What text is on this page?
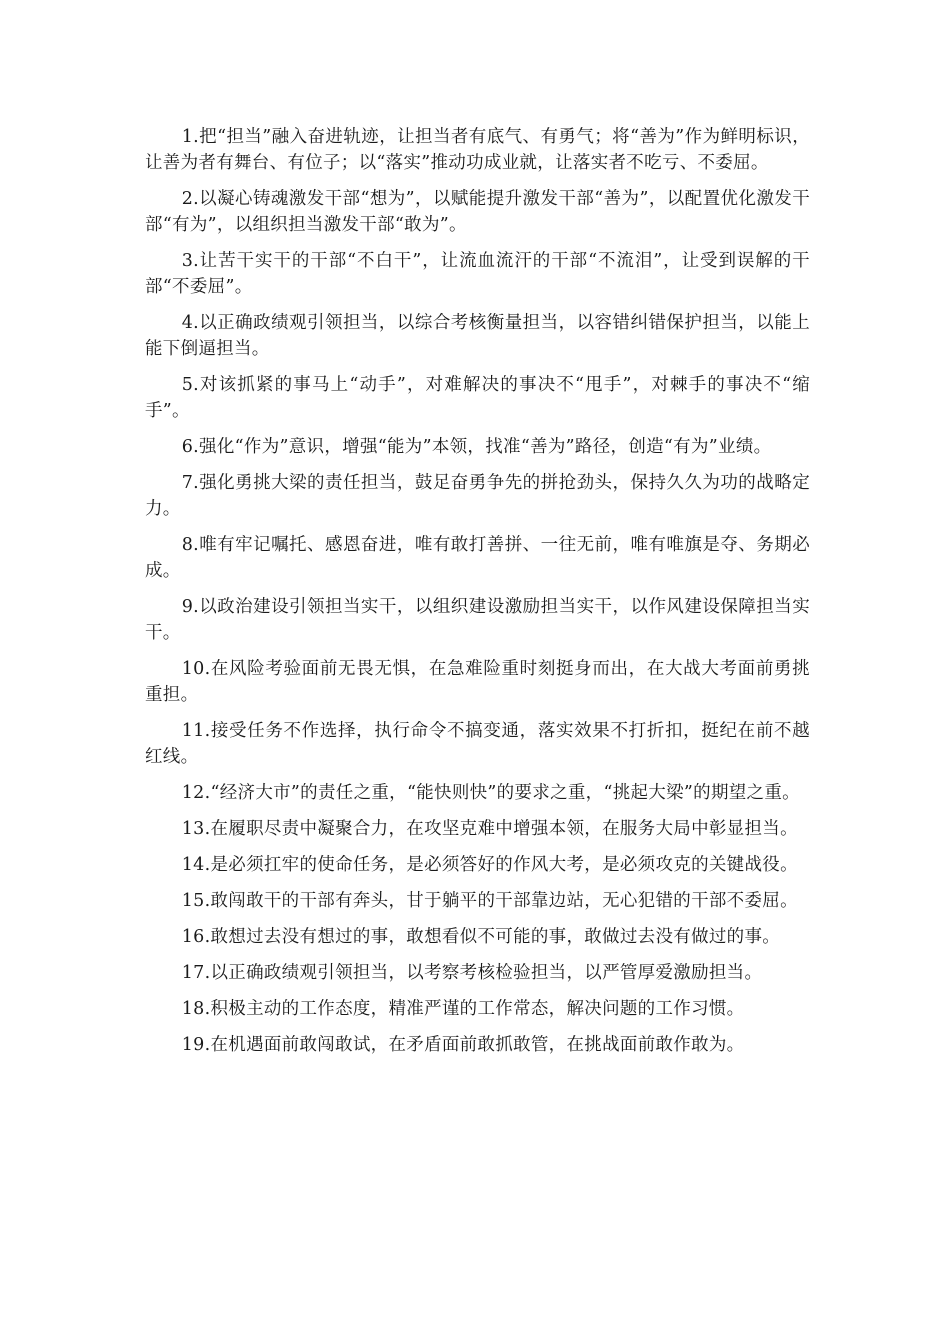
1.把“担当”融入奋进轨迹，让担当者有底气、有勇气；将“善为”作为鲜明标识，让善为者有舞台、有位子；以“落实”推动功成业就，让落实者不吃亏、不委屈。

2.以凝心铸魂激发干部“想为”，以赋能提升激发干部“善为”，以配置优化激发干部“有为”，以组织担当激发干部“敢为”。

3.让苦干实干的干部“不白干”，让流血流汗的干部“不流泪”，让受到误解的干部“不委屈”。

4.以正确政绩观引领担当，以综合考核衡量担当，以容错纠错保护担当，以能上能下倒逼担当。

5.对该抓紧的事马上“动手”，对难解决的事决不“甩手”，对棘手的事决不“缩手”。

6.强化“作为”意识，增强“能为”本领，找准“善为”路径，创造“有为”业绩。

7.强化勇挑大梁的责任担当，鼓足奋勇争先的拼抢劲头，保持久久为功的战略定力。

8.唯有牢记嘱托、感恩奋进，唯有敢打善拼、一往无前，唯有唯旗是夺、务期必成。

9.以政治建设引领担当实干，以组织建设激励担当实干，以作风建设保障担当实干。

10.在风险考验面前无畏无惧，在急难险重时刻挺身而出，在大战大考面前勇挑重担。

11.接受任务不作选择，执行命令不搞变通，落实效果不打折扣，挺纪在前不越红线。

12.“经济大市”的责任之重，“能快则快”的要求之重，“挑起大梁”的期望之重。

13.在履职尽责中凝聚合力，在攻坚克难中增强本领，在服务大局中彰显担当。

14.是必须扛牢的使命任务，是必须答好的作风大考，是必须攻克的关键战役。

15.敢闯敢干的干部有奔头，甘于躺平的干部靠边站，无心犯错的干部不委屈。

16.敢想过去没有想过的事，敢想看似不可能的事，敢做过去没有做过的事。

17.以正确政绩观引领担当，以考察考核检验担当，以严管厚爱激励担当。

18.积极主动的工作态度，精准严谨的工作常态，解决问题的工作习惯。

19.在机遇面前敢闯敢试，在矛盾面前敢抓敢管，在挑战面前敢作敢为。
